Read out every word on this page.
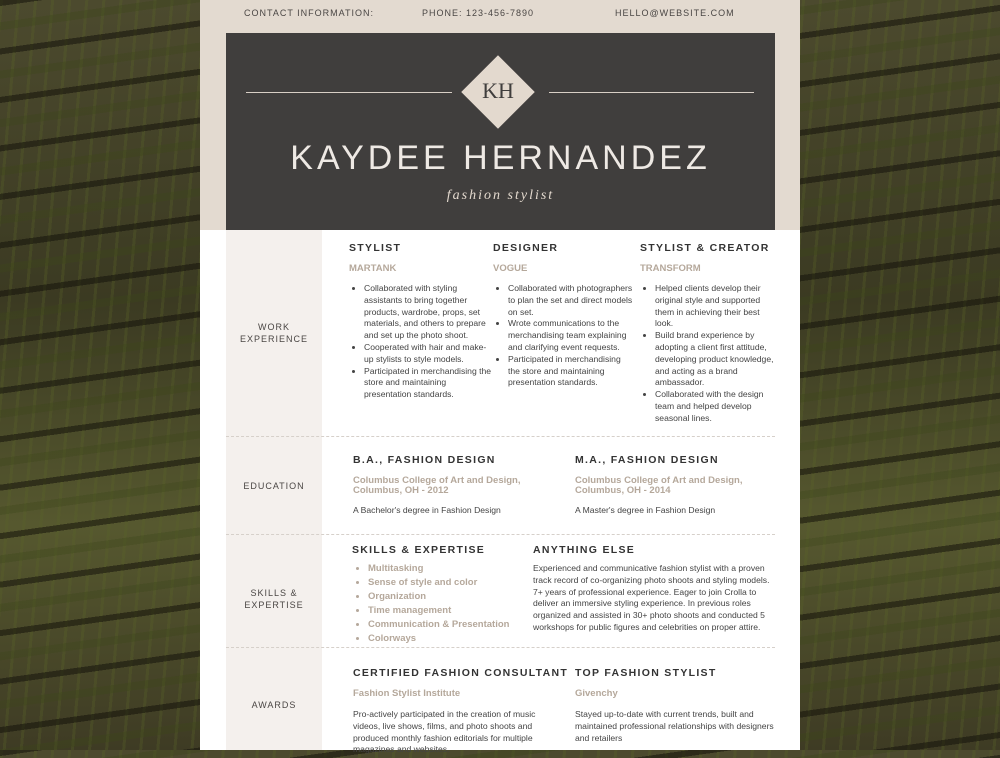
CONTACT INFORMATION:	PHONE: 123-456-7890	HELLO@WEBSITE.COM
KH
KAYDEE HERNANDEZ
fashion stylist
WORK
EXPERIENCE
STYLIST
MARTANK
• Collaborated with styling assistants to bring together products, wardrobe, props, set materials, and others to prepare and set up the photo shoot.
• Cooperated with hair and make-up stylists to style models.
• Participated in merchandising the store and maintaining presentation standards.
DESIGNER
VOGUE
• Collaborated with photographers to plan the set and direct models on set.
• Wrote communications to the merchandising team explaining and clarifying event requests.
• Participated in merchandising the store and maintaining presentation standards.
STYLIST & CREATOR
TRANSFORM
• Helped clients develop their original style and supported them in achieving their best look.
• Build brand experience by adopting a client first attitude, developing product knowledge, and acting as a brand ambassador.
• Collaborated with the design team and helped develop seasonal lines.
EDUCATION
B.A., FASHION DESIGN
Columbus College of Art and Design, Columbus, OH - 2012
A Bachelor's degree in Fashion Design
M.A., FASHION DESIGN
Columbus College of Art and Design, Columbus, OH - 2014
A Master's degree in Fashion Design
SKILLS &
EXPERTISE
SKILLS & EXPERTISE
• Multitasking
• Sense of style and color
• Organization
• Time management
• Communication & Presentation
• Colorways
ANYTHING ELSE
Experienced and communicative fashion stylist with a proven track record of co-organizing photo shoots and styling models. 7+ years of professional experience. Eager to join Crolla to deliver an immersive styling experience. In previous roles organized and assisted in 30+ photo shoots and conducted 5 workshops for public figures and celebrities on proper attire.
AWARDS
CERTIFIED FASHION CONSULTANT
Fashion Stylist Institute
Pro-actively participated in the creation of music videos, live shows, films, and photo shoots and produced monthly fashion editorials for multiple magazines and websites.
TOP FASHION STYLIST
Givenchy
Stayed up-to-date with current trends, built and maintained professional relationships with designers and retailers
